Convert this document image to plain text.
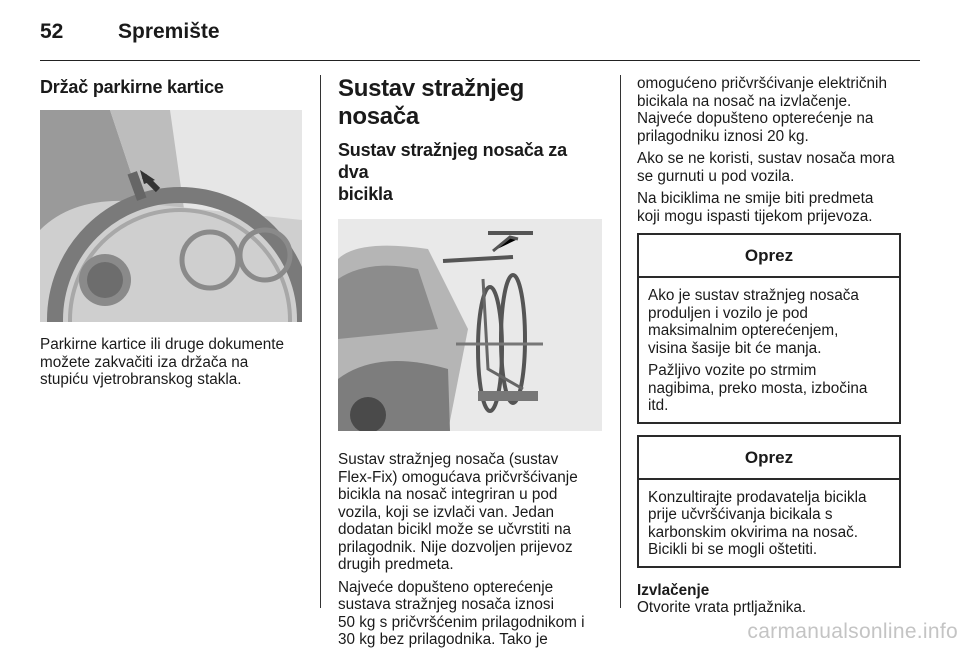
52	Spremište
Držač parkirne kartice

Parkirne kartice ili druge dokumente
možete zakvačiti iza držača na
stupiću vjetrobranskog stakla.

Sustav stražnjeg nosača
Sustav stražnjeg nosača za dva
bicikla

Sustav stražnjeg nosača (sustav
Flex-Fix) omogućava pričvršćivanje
bicikla na nosač integriran u pod
vozila, koji se izvlači van. Jedan
dodatan bicikl može se učvrstiti na
prilagodnik. Nije dozvoljen prijevoz
drugih predmeta.

Najveće dopušteno opterećenje
sustava stražnjeg nosača iznosi
50 kg s pričvršćenim prilagodnikom i
30 kg bez prilagodnika. Tako je

omogućeno pričvršćivanje električnih
bicikala na nosač na izvlačenje.
Najveće dopušteno opterećenje na
prilagodniku iznosi 20 kg.

Ako se ne koristi, sustav nosača mora
se gurnuti u pod vozila.

Na biciklima ne smije biti predmeta
koji mogu ispasti tijekom prijevoza.

Oprez

Ako je sustav stražnjeg nosača
produljen i vozilo je pod
maksimalnim opterećenjem,
visina šasije bit će manja.

Pažljivo vozite po strmim
nagibima, preko mosta, izbočina
itd.

Oprez

Konzultirajte prodavatelja bicikla
prije učvršćivanja bicikala s
karbonskim okvirima na nosač.
Bicikli bi se mogli oštetiti.

Izvlačenje

Otvorite vrata prtljažnika.

carmanualsonline.info
